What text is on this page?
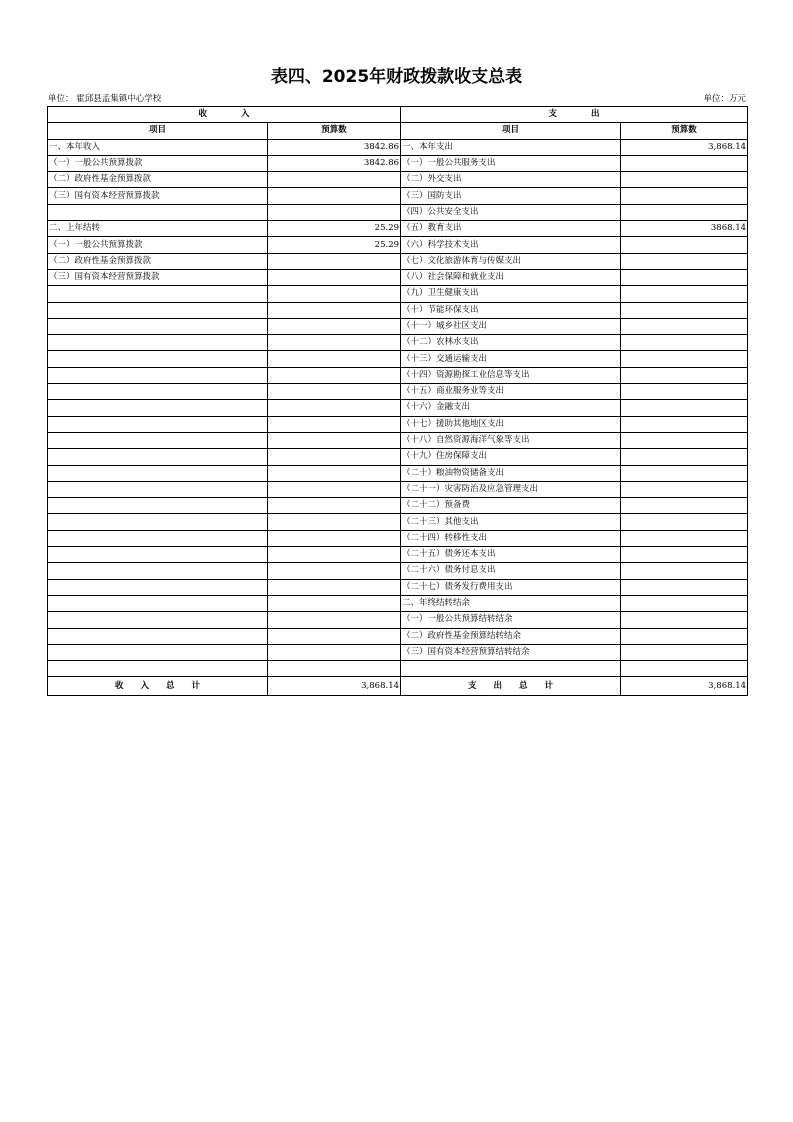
表四、2025年财政拨款收支总表
单位： 霍邱县孟集镇中心学校	单位：万元
收　　　　入		支　　　　出	
项目	预算数	项目	预算数
一、本年收入	3842.86	一、本年支出	3,868.14
（一）一般公共预算拨款	3842.86	（一）一般公共服务支出	
（二）政府性基金预算拨款		（二）外交支出	
（三）国有资本经营预算拨款		（三）国防支出	
		（四）公共安全支出	
二、上年结转	25.29	（五）教育支出	3868.14
（一）一般公共预算拨款	25.29	（六）科学技术支出	
（二）政府性基金预算拨款		（七）文化旅游体育与传媒支出	
（三）国有资本经营预算拨款		（八）社会保障和就业支出	
		（九）卫生健康支出	
		（十）节能环保支出	
		（十一）城乡社区支出	
		（十二）农林水支出	
		（十三）交通运输支出	
		（十四）资源勘探工业信息等支出	
		（十五）商业服务业等支出	
		（十六）金融支出	
		（十七）援助其他地区支出	
		（十八）自然资源海洋气象等支出	
		（十九）住房保障支出	
		（二十）粮油物资储备支出	
		（二十一）灾害防治及应急管理支出	
		（二十二）预备费	
		（二十三）其他支出	
		（二十四）转移性支出	
		（二十五）债务还本支出	
		（二十六）债务付息支出	
		（二十七）债务发行费用支出	
		二、年终结转结余	
		（一）一般公共预算结转结余	
		（二）政府性基金预算结转结余	
		（三）国有资本经营预算结转结余	

收　　入　　总　　计	3,868.14	支　　出　　总　　计	3,868.14
